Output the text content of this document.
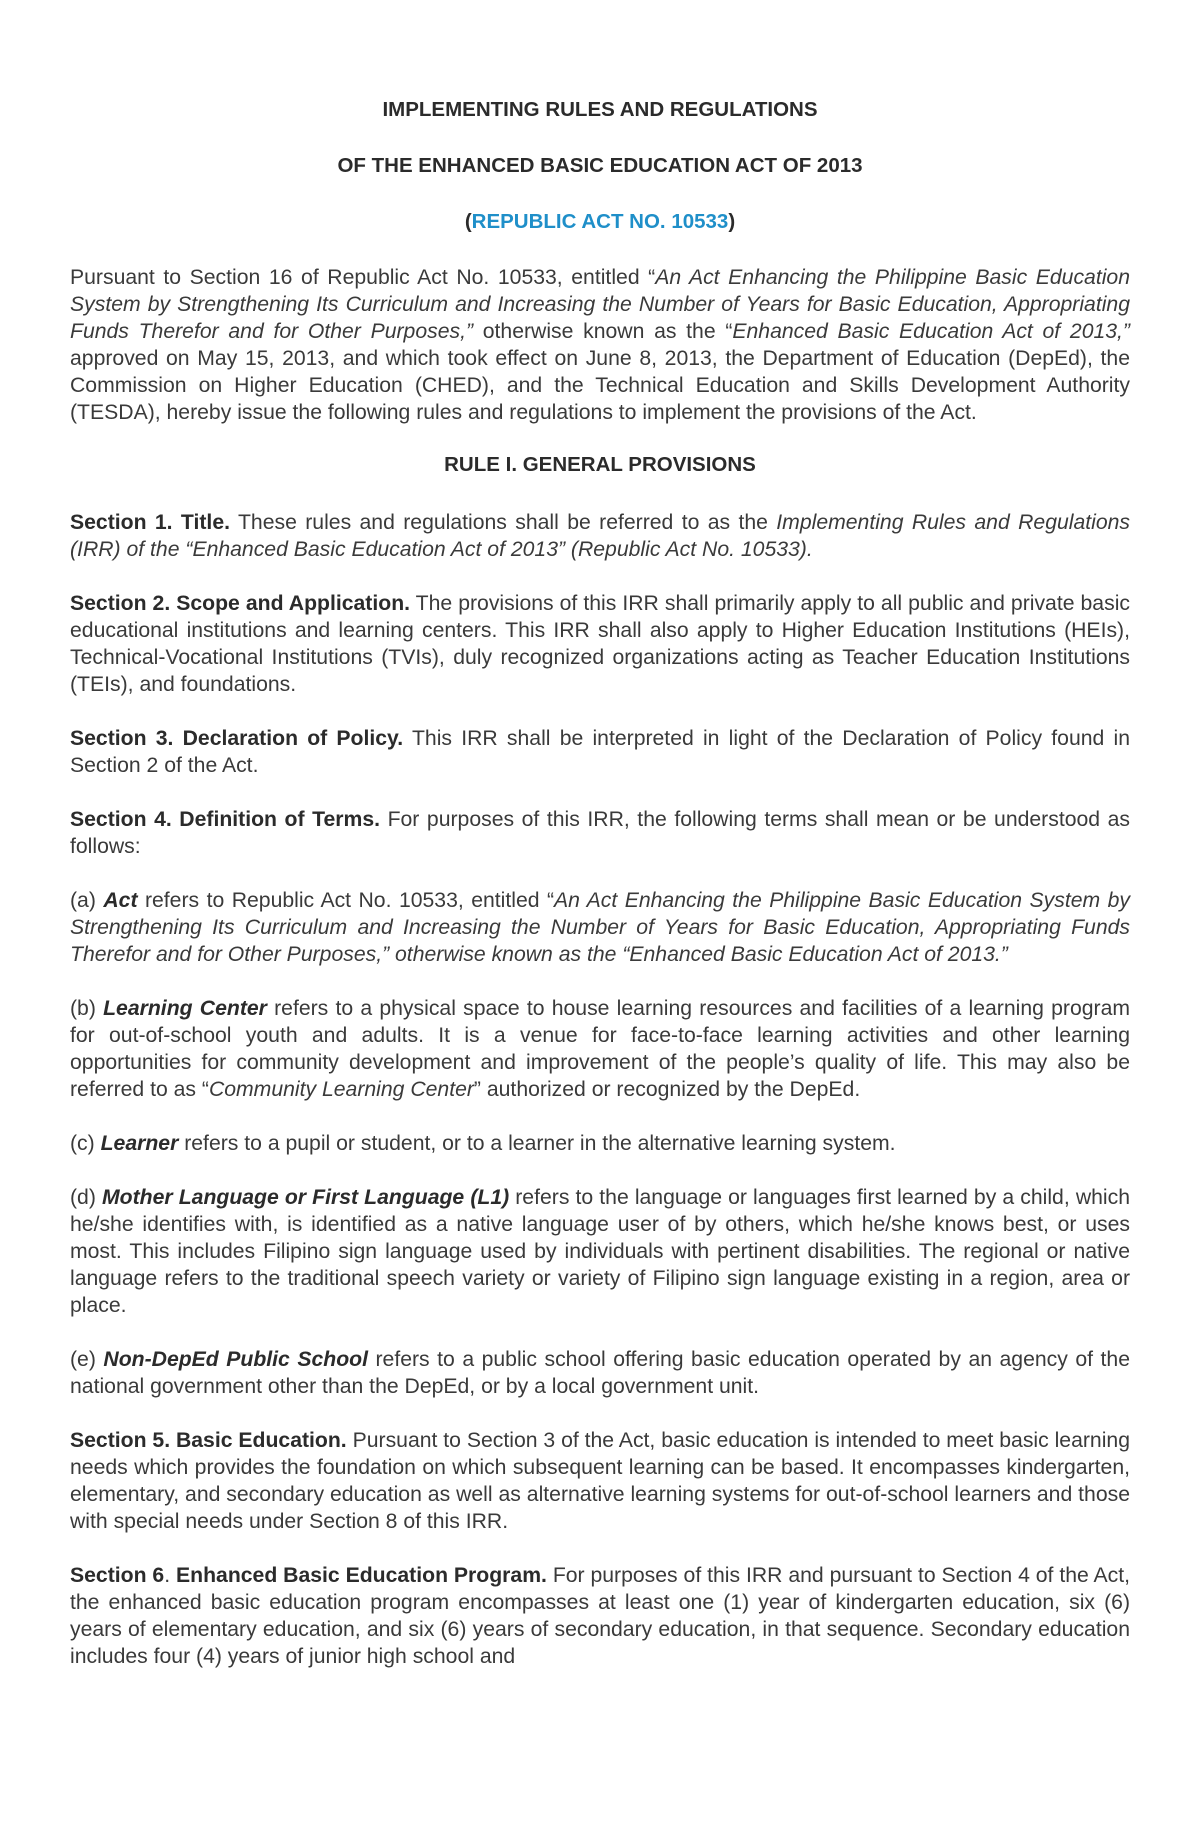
IMPLEMENTING RULES AND REGULATIONS
OF THE ENHANCED BASIC EDUCATION ACT OF 2013
(REPUBLIC ACT NO. 10533)

Pursuant to Section 16 of Republic Act No. 10533, entitled “An Act Enhancing the Philippine Basic Education System by Strengthening Its Curriculum and Increasing the Number of Years for Basic Education, Appropriating Funds Therefor and for Other Purposes,” otherwise known as the “Enhanced Basic Education Act of 2013,” approved on May 15, 2013, and which took effect on June 8, 2013, the Department of Education (DepEd), the Commission on Higher Education (CHED), and the Technical Education and Skills Development Authority (TESDA), hereby issue the following rules and regulations to implement the provisions of the Act.

RULE I. GENERAL PROVISIONS

Section 1. Title. These rules and regulations shall be referred to as the Implementing Rules and Regulations (IRR) of the “Enhanced Basic Education Act of 2013” (Republic Act No. 10533).

Section 2. Scope and Application. The provisions of this IRR shall primarily apply to all public and private basic educational institutions and learning centers. This IRR shall also apply to Higher Education Institutions (HEIs), Technical-Vocational Institutions (TVIs), duly recognized organizations acting as Teacher Education Institutions (TEIs), and foundations.

Section 3. Declaration of Policy. This IRR shall be interpreted in light of the Declaration of Policy found in Section 2 of the Act.

Section 4. Definition of Terms. For purposes of this IRR, the following terms shall mean or be understood as follows:

(a) Act refers to Republic Act No. 10533, entitled “An Act Enhancing the Philippine Basic Education System by Strengthening Its Curriculum and Increasing the Number of Years for Basic Education, Appropriating Funds Therefor and for Other Purposes,” otherwise known as the “Enhanced Basic Education Act of 2013.”

(b) Learning Center refers to a physical space to house learning resources and facilities of a learning program for out-of-school youth and adults. It is a venue for face-to-face learning activities and other learning opportunities for community development and improvement of the people’s quality of life. This may also be referred to as “Community Learning Center” authorized or recognized by the DepEd.

(c) Learner refers to a pupil or student, or to a learner in the alternative learning system.

(d) Mother Language or First Language (L1) refers to the language or languages first learned by a child, which he/she identifies with, is identified as a native language user of by others, which he/she knows best, or uses most. This includes Filipino sign language used by individuals with pertinent disabilities. The regional or native language refers to the traditional speech variety or variety of Filipino sign language existing in a region, area or place.

(e) Non-DepEd Public School refers to a public school offering basic education operated by an agency of the national government other than the DepEd, or by a local government unit.

Section 5. Basic Education. Pursuant to Section 3 of the Act, basic education is intended to meet basic learning needs which provides the foundation on which subsequent learning can be based. It encompasses kindergarten, elementary, and secondary education as well as alternative learning systems for out-of-school learners and those with special needs under Section 8 of this IRR.

Section 6. Enhanced Basic Education Program. For purposes of this IRR and pursuant to Section 4 of the Act, the enhanced basic education program encompasses at least one (1) year of kindergarten education, six (6) years of elementary education, and six (6) years of secondary education, in that sequence. Secondary education includes four (4) years of junior high school and
